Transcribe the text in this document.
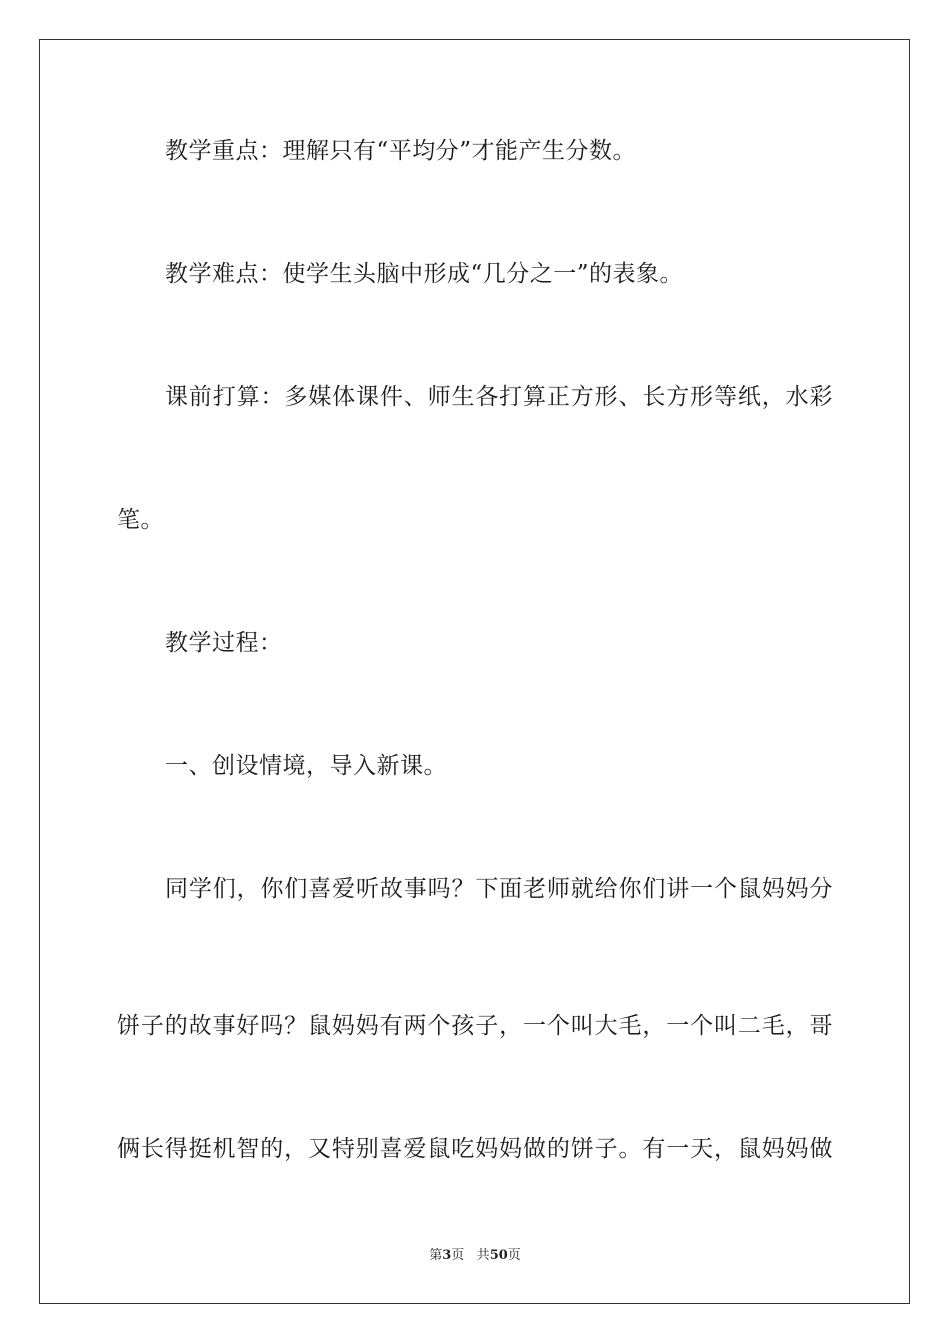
教学重点：理解只有“平均分”才能产生分数。
教学难点：使学生头脑中形成“几分之一”的表象。
课前打算：多媒体课件、师生各打算正方形、长方形等纸，水彩
笔。
教学过程：
一、创设情境，导入新课。
同学们，你们喜爱听故事吗？下面老师就给你们讲一个鼠妈妈分
饼子的故事好吗？鼠妈妈有两个孩子，一个叫大毛，一个叫二毛，哥
俩长得挺机智的，又特别喜爱鼠吃妈妈做的饼子。有一天，鼠妈妈做
第3页 共50页
